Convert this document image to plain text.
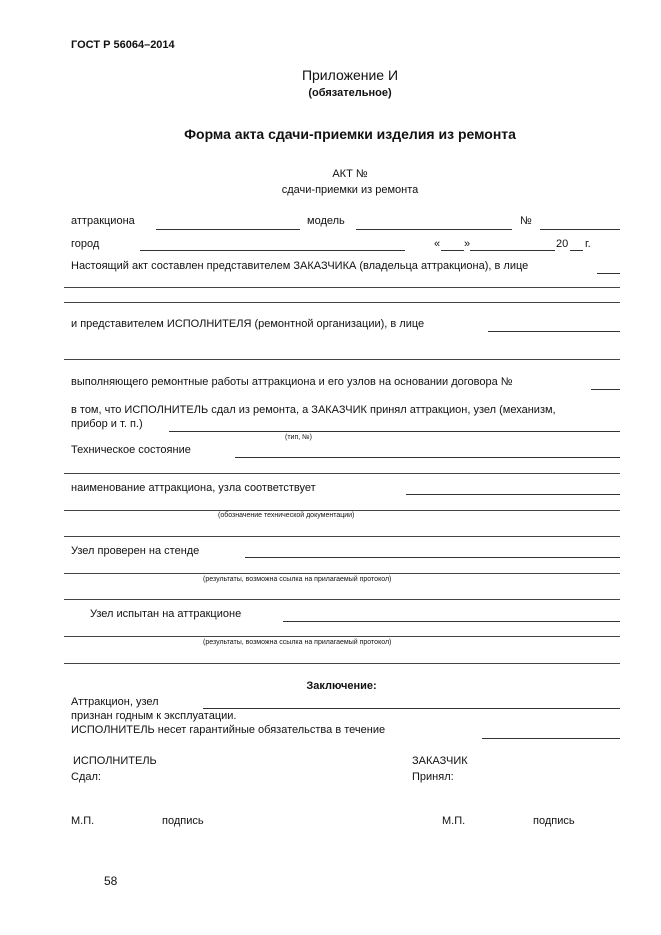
ГОСТ Р 56064–2014
Приложение И
(обязательное)
Форма акта сдачи-приемки изделия из ремонта
АКТ №
сдачи-приемки из ремонта
аттракциона	модель	№
город	« »	20 г.
Настоящий акт составлен представителем ЗАКАЗЧИКА (владельца аттракциона), в лице
и представителем ИСПОЛНИТЕЛЯ (ремонтной организации), в лице
выполняющего ремонтные работы аттракциона и его узлов на основании договора №
в том, что ИСПОЛНИТЕЛЬ сдал из ремонта, а ЗАКАЗЧИК принял аттракцион, узел (механизм,
прибор и т. п.)
(тип, №)
Техническое состояние
наименование аттракциона, узла соответствует
(обозначение технической документации)
Узел проверен на стенде
(результаты, возможна ссылка на прилагаемый протокол)
Узел испытан на аттракционе
(результаты, возможна ссылка на прилагаемый протокол)
Заключение:
Аттракцион, узел
признан годным к эксплуатации.
ИСПОЛНИТЕЛЬ несет гарантийные обязательства в течение
ИСПОЛНИТЕЛЬ
Сдал:
ЗАКАЗЧИК
Принял:
М.П.	подпись	М.П.	подпись
58
